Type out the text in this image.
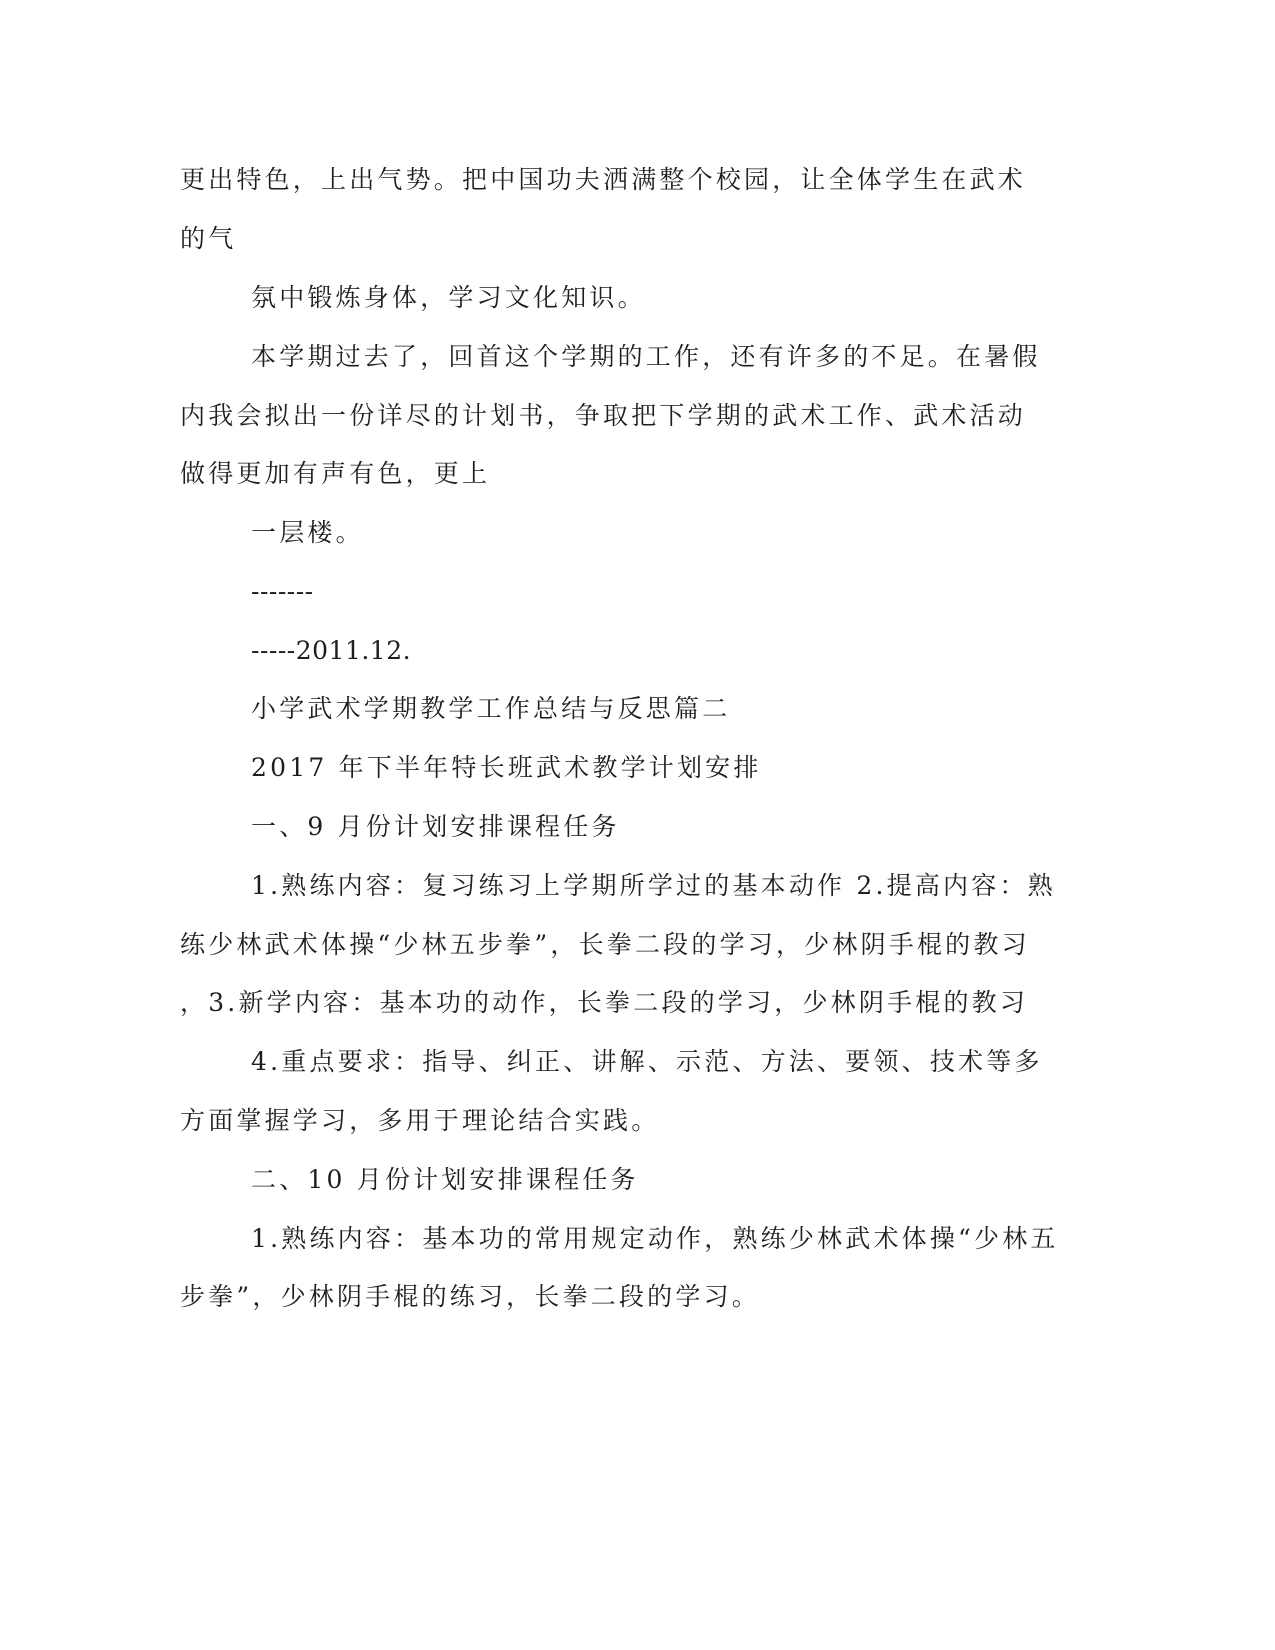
更出特色，上出气势。把中国功夫洒满整个校园，让全体学生在武术
的气
氛中锻炼身体，学习文化知识。
本学期过去了，回首这个学期的工作，还有许多的不足。在暑假
内我会拟出一份详尽的计划书，争取把下学期的武术工作、武术活动
做得更加有声有色，更上
一层楼。
-------
-----2011.12.
小学武术学期教学工作总结与反思篇二
2017 年下半年特长班武术教学计划安排
一、9 月份计划安排课程任务
1.熟练内容：复习练习上学期所学过的基本动作 2.提高内容：熟
练少林武术体操“少林五步拳”，长拳二段的学习，少林阴手棍的教习
，3.新学内容：基本功的动作，长拳二段的学习，少林阴手棍的教习
4.重点要求：指导、纠正、讲解、示范、方法、要领、技术等多
方面掌握学习，多用于理论结合实践。
二、10 月份计划安排课程任务
1.熟练内容：基本功的常用规定动作，熟练少林武术体操“少林五
步拳”，少林阴手棍的练习，长拳二段的学习。
